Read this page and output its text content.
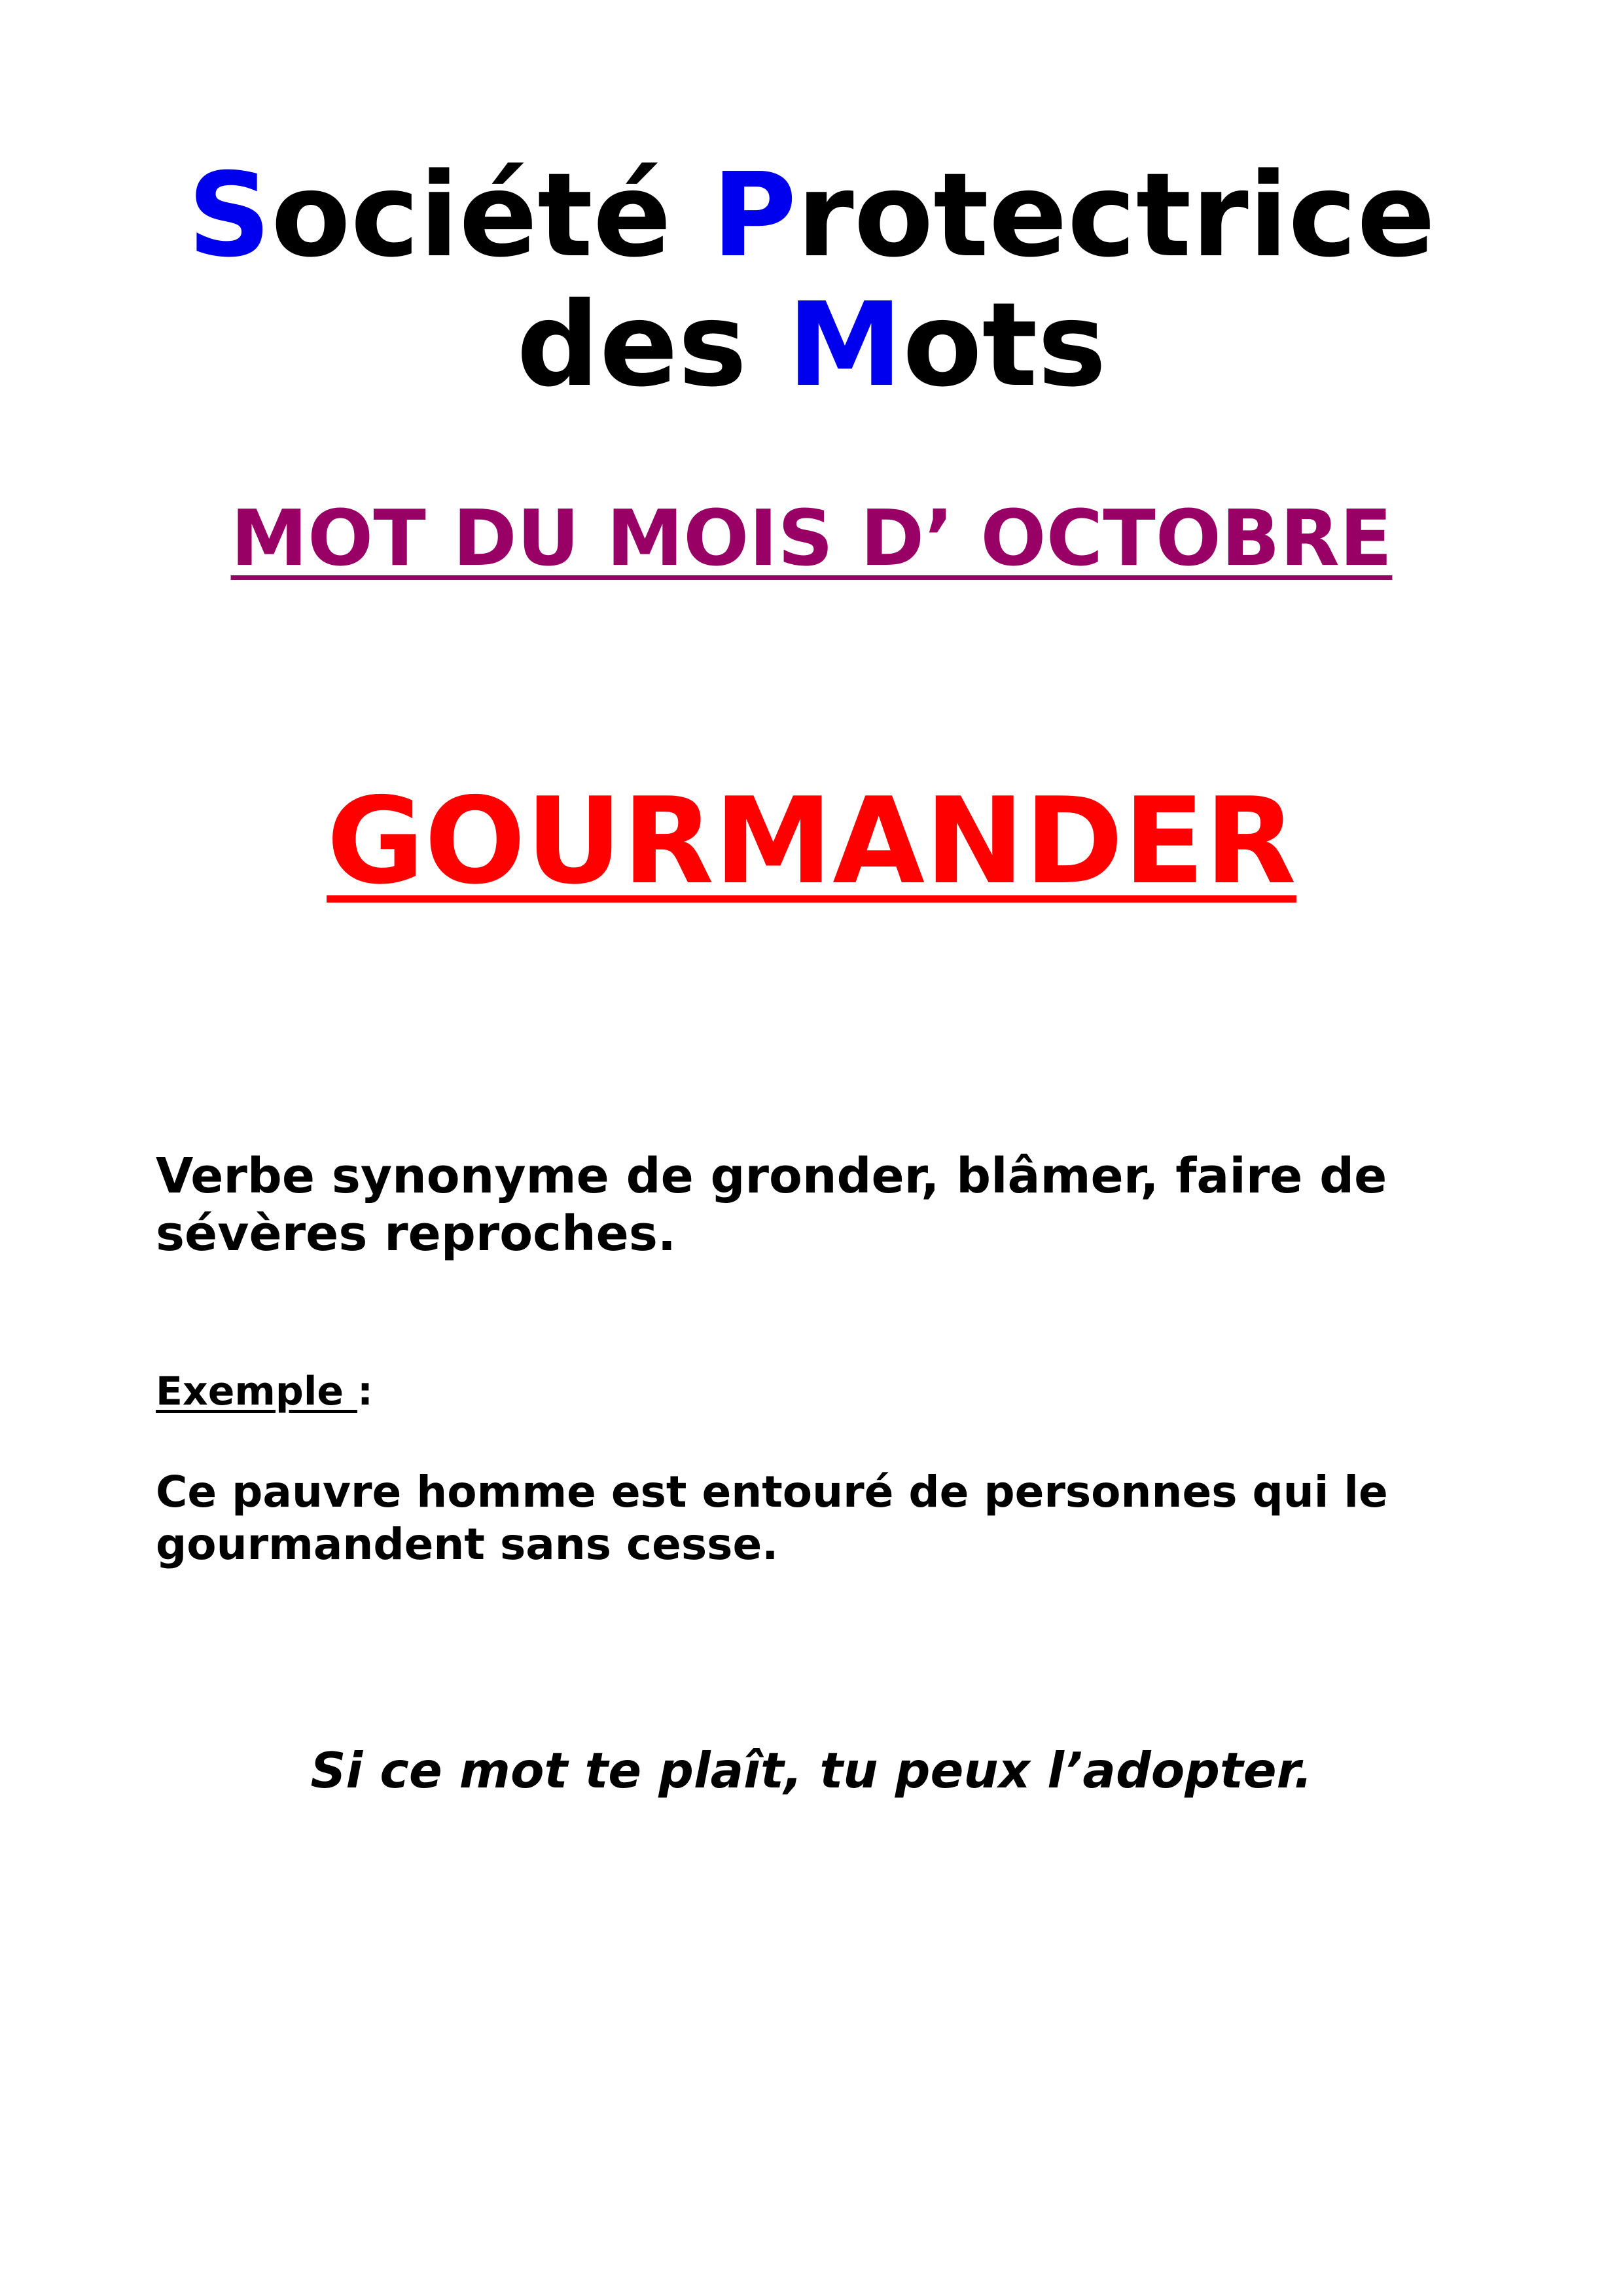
Société Protectrice
des Mots
MOT DU MOIS D’ OCTOBRE
GOURMANDER
Verbe synonyme de gronder, blâmer, faire de sévères reproches.
Exemple :
Ce pauvre homme est entouré de personnes qui le gourmandent sans cesse.
Si ce mot te plaît, tu peux l’adopter.
